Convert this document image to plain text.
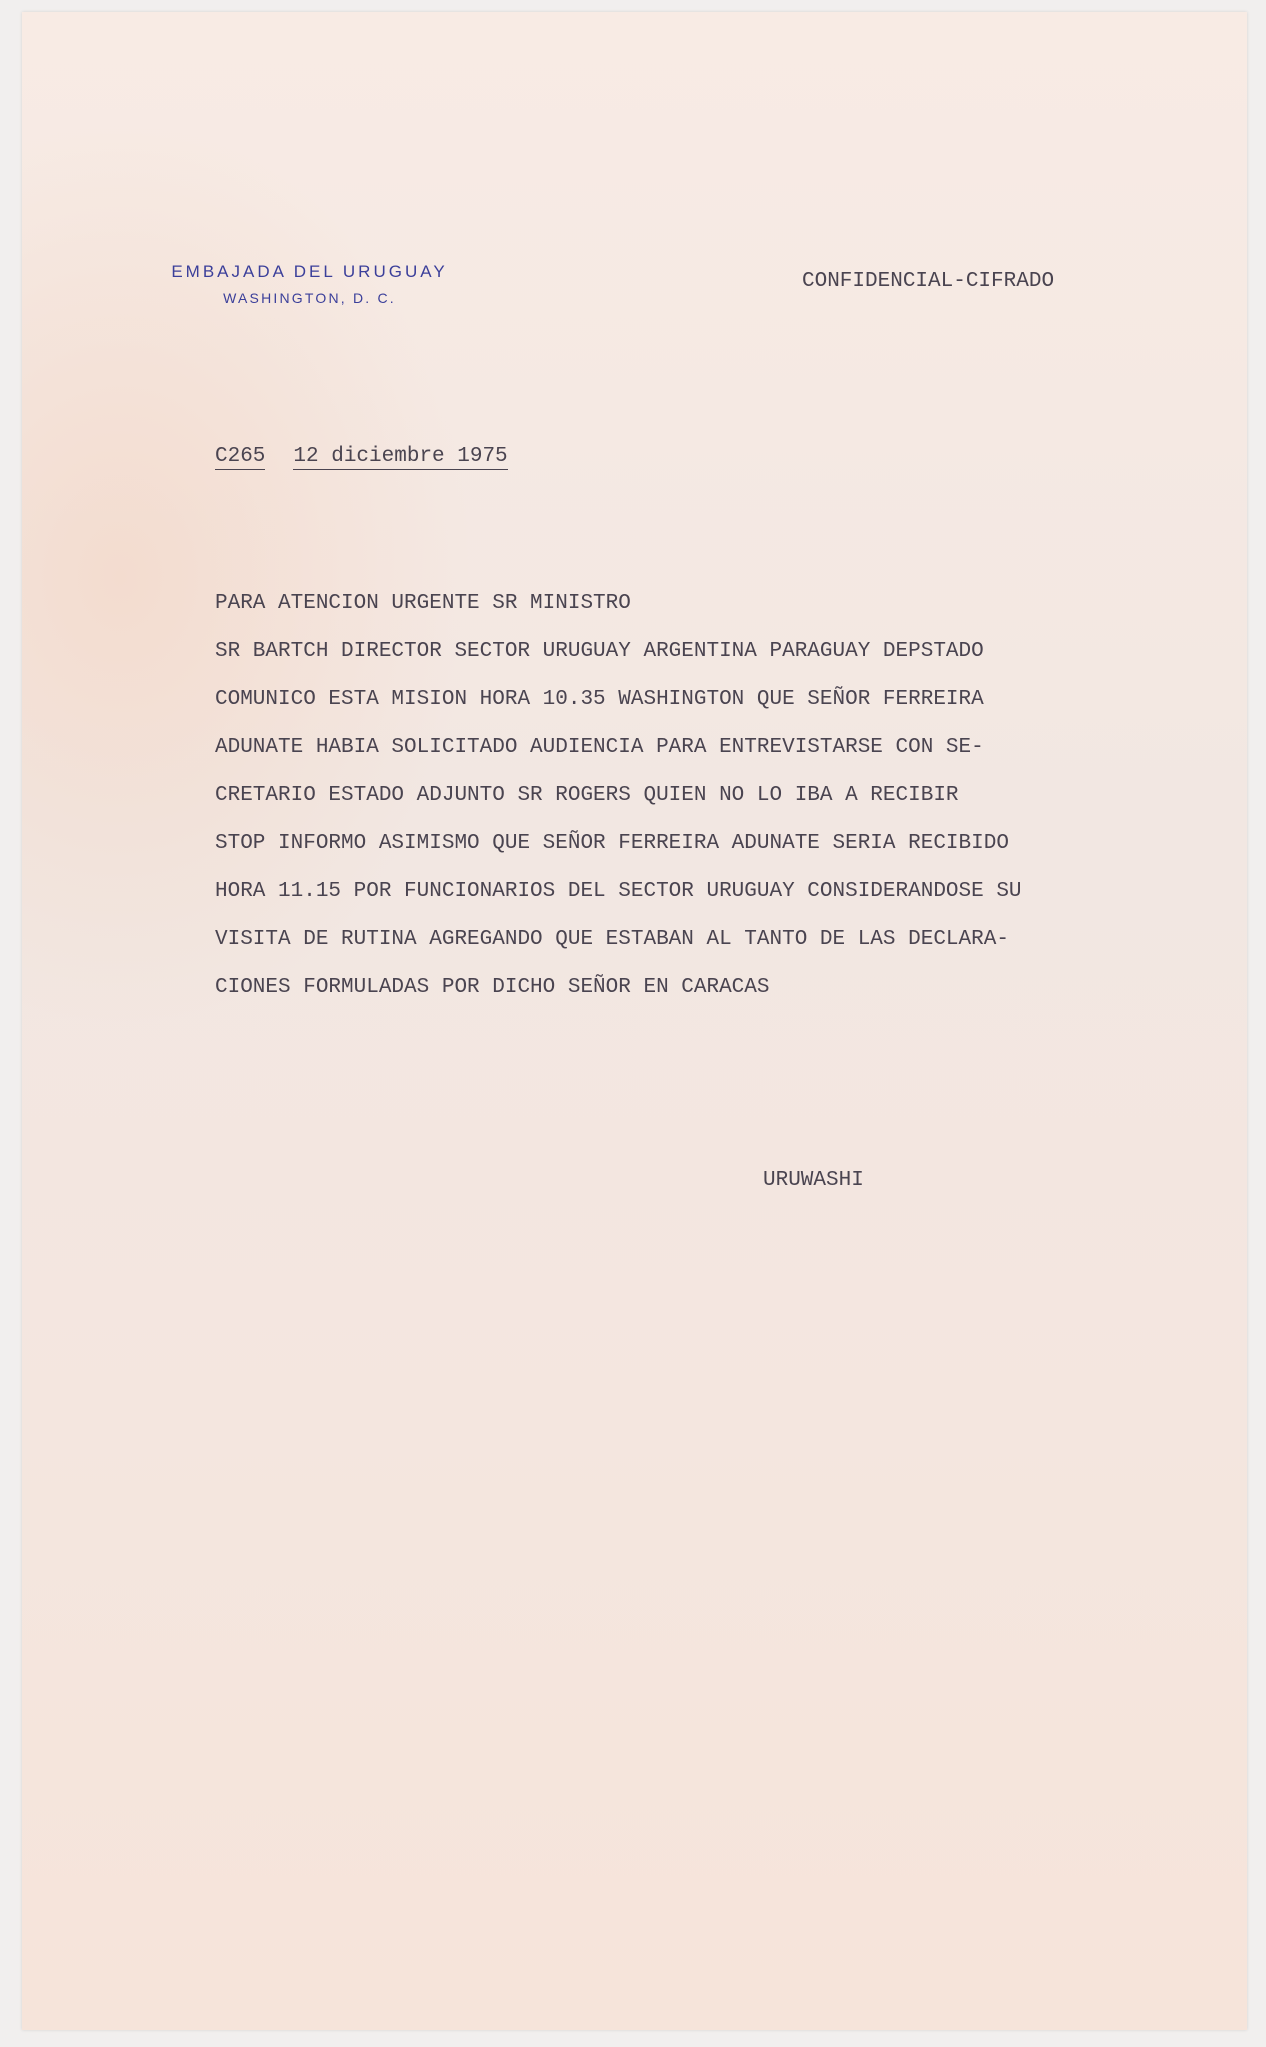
EMBAJADA DEL URUGUAY
WASHINGTON, D. C.
CONFIDENCIAL-CIFRADO
C265 12 diciembre 1975
PARA ATENCION URGENTE SR MINISTRO
SR BARTCH DIRECTOR SECTOR URUGUAY ARGENTINA PARAGUAY DEPSTADO
COMUNICO ESTA MISION HORA 10.35 WASHINGTON QUE SEÑOR FERREIRA
ADUNATE HABIA SOLICITADO AUDIENCIA PARA ENTREVISTARSE CON SE-
CRETARIO ESTADO ADJUNTO SR ROGERS QUIEN NO LO IBA A RECIBIR
STOP INFORMO ASIMISMO QUE SEÑOR FERREIRA ADUNATE SERIA RECIBIDO
HORA 11.15 POR FUNCIONARIOS DEL SECTOR URUGUAY CONSIDERANDOSE SU
VISITA DE RUTINA AGREGANDO QUE ESTABAN AL TANTO DE LAS DECLARA-
CIONES FORMULADAS POR DICHO SEÑOR EN CARACAS
URUWASHI
